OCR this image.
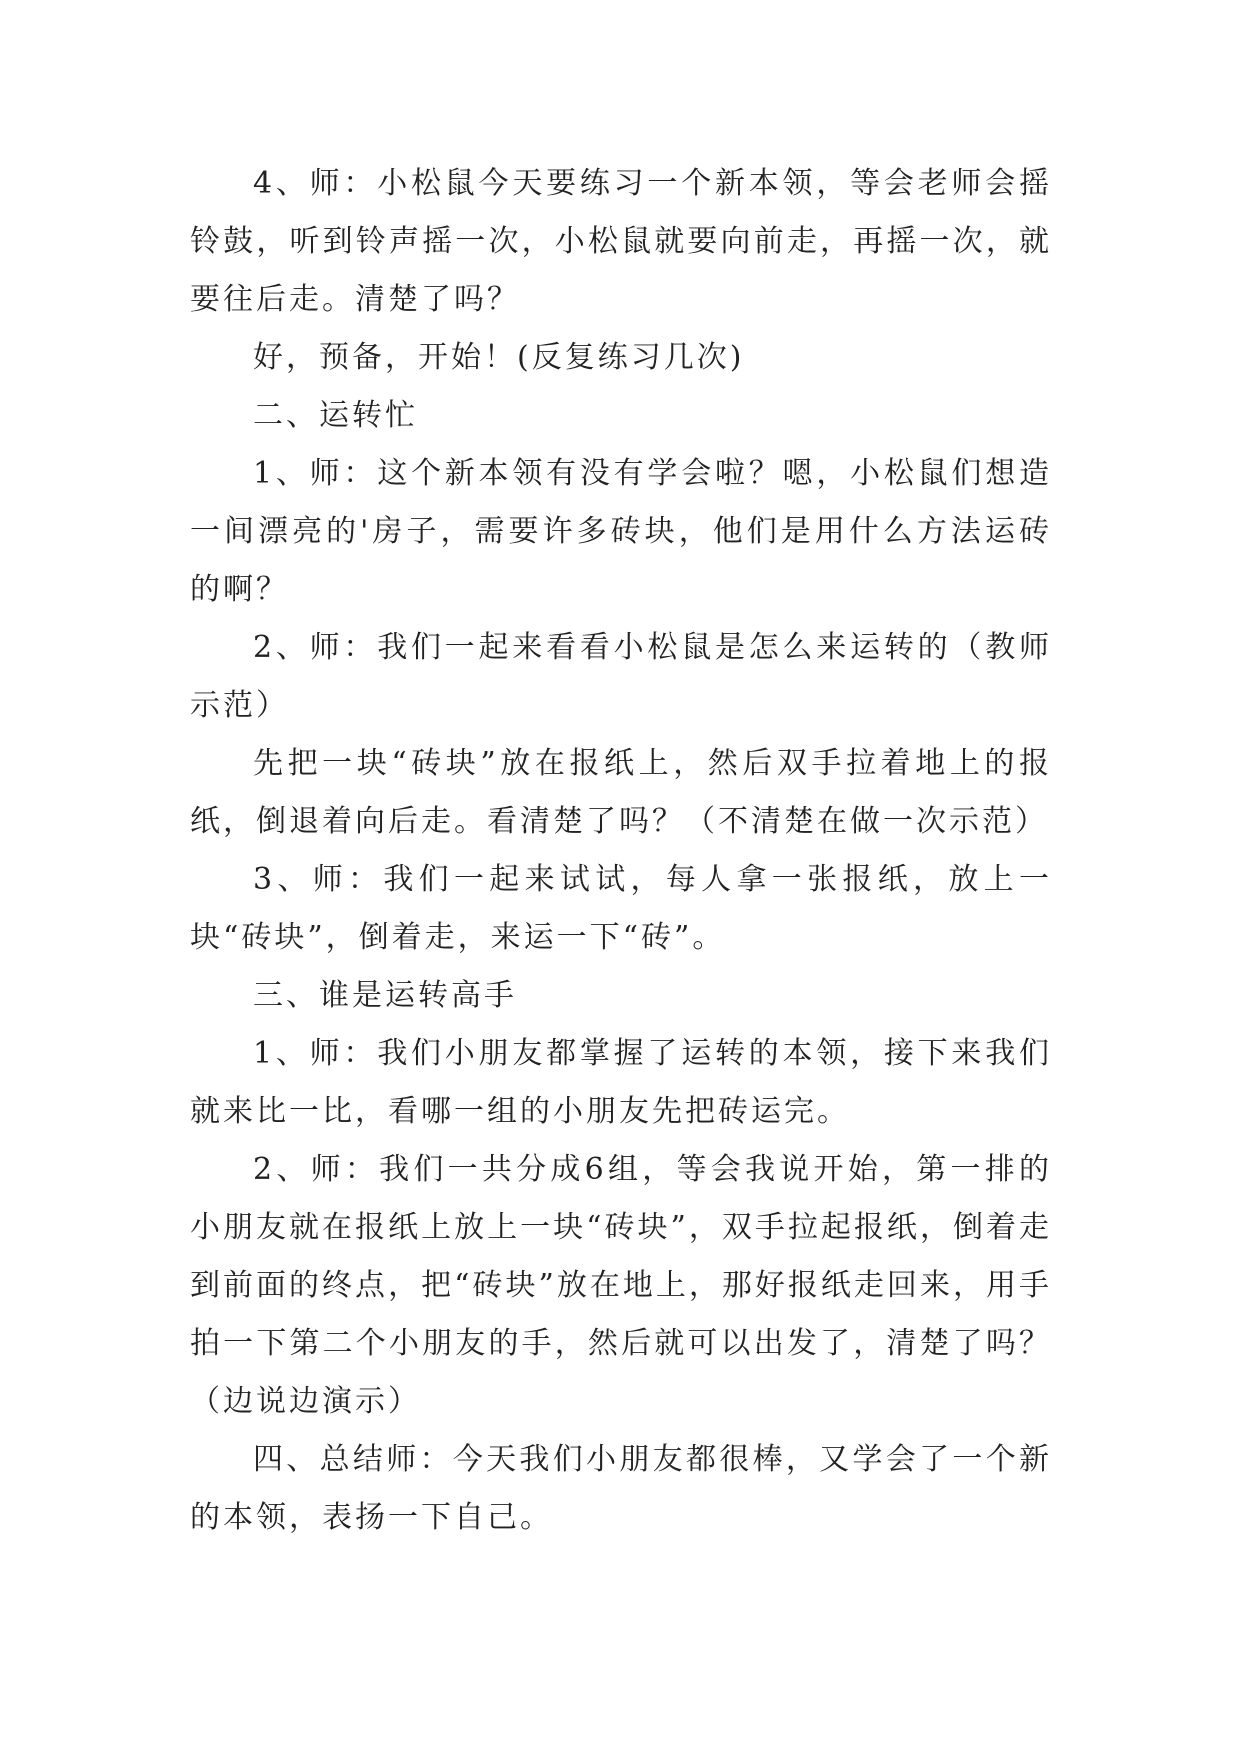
4、师：小松鼠今天要练习一个新本领，等会老师会摇铃鼓，听到铃声摇一次，小松鼠就要向前走，再摇一次，就要往后走。清楚了吗？

好，预备，开始！(反复练习几次)

二、运转忙

1、师：这个新本领有没有学会啦？嗯，小松鼠们想造一间漂亮的'房子，需要许多砖块，他们是用什么方法运砖的啊？

2、师：我们一起来看看小松鼠是怎么来运转的（教师示范）

先把一块“砖块”放在报纸上，然后双手拉着地上的报纸，倒退着向后走。看清楚了吗？（不清楚在做一次示范）

3、师：我们一起来试试，每人拿一张报纸，放上一块“砖块”，倒着走，来运一下“砖”。

三、谁是运转高手

1、师：我们小朋友都掌握了运转的本领，接下来我们就来比一比，看哪一组的小朋友先把砖运完。

2、师：我们一共分成6组，等会我说开始，第一排的小朋友就在报纸上放上一块“砖块”，双手拉起报纸，倒着走到前面的终点，把“砖块”放在地上，那好报纸走回来，用手拍一下第二个小朋友的手，然后就可以出发了，清楚了吗？（边说边演示）

四、总结师：今天我们小朋友都很棒，又学会了一个新的本领，表扬一下自己。
